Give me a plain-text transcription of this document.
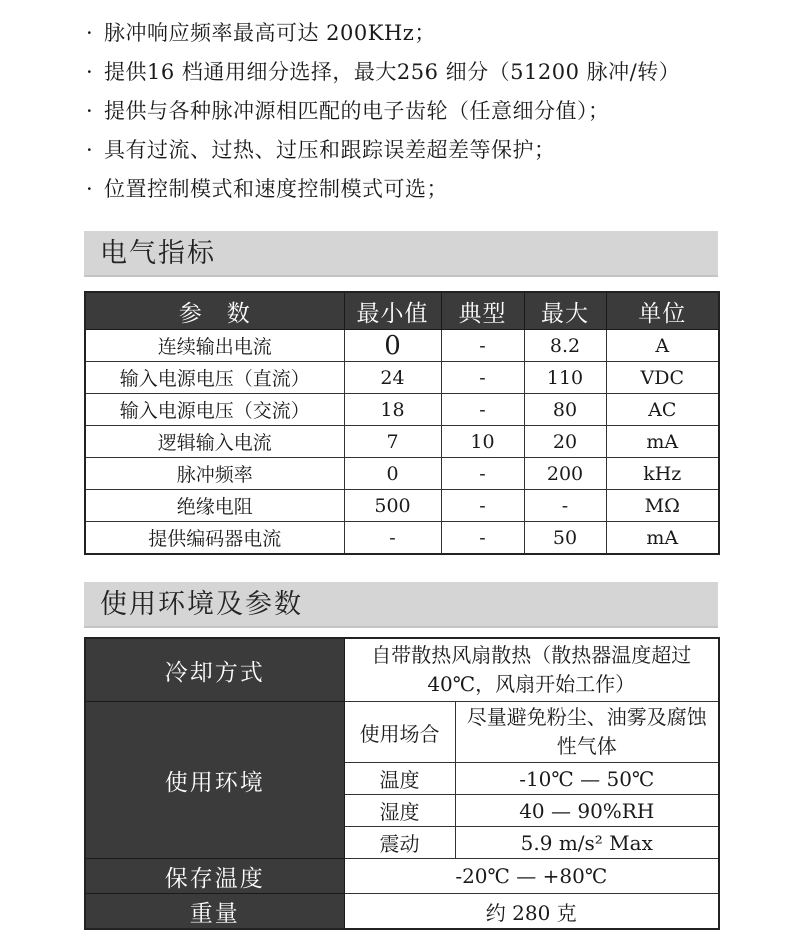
· 脉冲响应频率最高可达 200KHz；
· 提供16 档通用细分选择，最大256 细分（51200 脉冲/转）
· 提供与各种脉冲源相匹配的电子齿轮（任意细分值）；
· 具有过流、过热、过压和跟踪误差超差等保护；
· 位置控制模式和速度控制模式可选；
电气指标
参　数	最小值	典型	最大	单位
连续输出电流	0	-	8.2	A
输入电源电压（直流）	24	-	110	VDC
输入电源电压（交流）	18	-	80	AC
逻辑输入电流	7	10	20	mA
脉冲频率	0	-	200	kHz
绝缘电阻	500	-	-	MΩ
提供编码器电流	-	-	50	mA
使用环境及参数
冷却方式	自带散热风扇散热（散热器温度超过 40℃，风扇开始工作）	
使用环境	使用场合	尽量避免粉尘、油雾及腐蚀性气体
	温度	-10℃ — 50℃
	湿度	40 — 90%RH
	震动	5.9 m/s² Max
保存温度	-20℃ — +80℃	
重量	约 280 克	
